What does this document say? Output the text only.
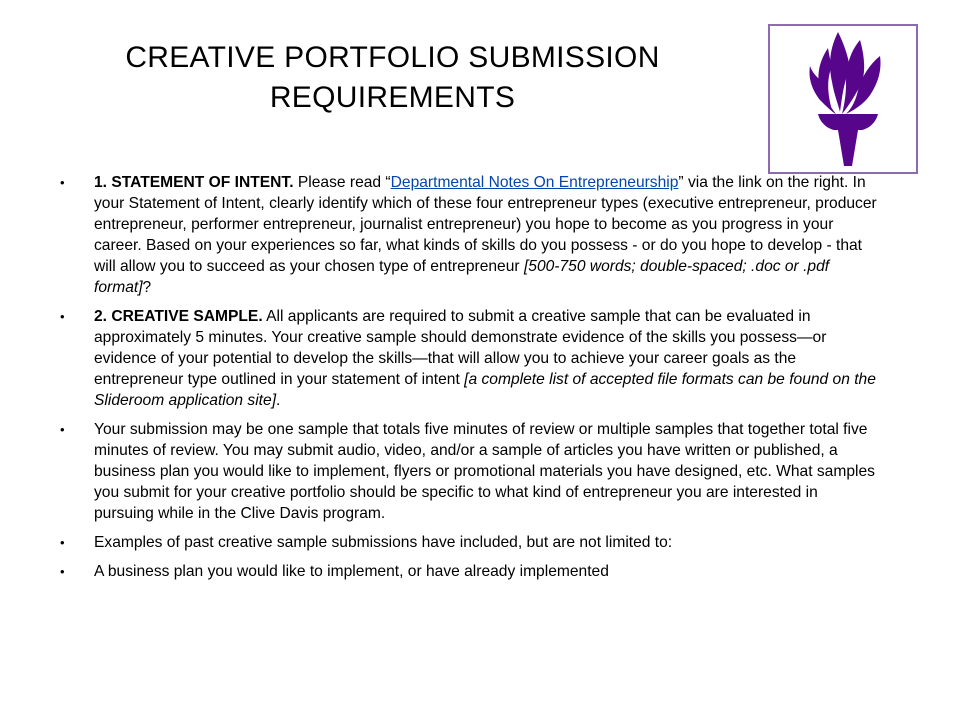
CREATIVE PORTFOLIO SUBMISSION
REQUIREMENTS
•	1. STATEMENT OF INTENT. Please read “Departmental Notes On Entrepreneurship” via the link on the right. In your Statement of Intent, clearly identify which of these four entrepreneur types (executive entrepreneur, producer entrepreneur, performer entrepreneur, journalist entrepreneur) you hope to become as you progress in your career. Based on your experiences so far, what kinds of skills do you possess - or do you hope to develop - that will allow you to succeed as your chosen type of entrepreneur [500-750 words; double-spaced; .doc or .pdf format]?
•	2. CREATIVE SAMPLE. All applicants are required to submit a creative sample that can be evaluated in approximately 5 minutes. Your creative sample should demonstrate evidence of the skills you possess—or evidence of your potential to develop the skills—that will allow you to achieve your career goals as the entrepreneur type outlined in your statement of intent [a complete list of accepted file formats can be found on the Slideroom application site].
•	Your submission may be one sample that totals five minutes of review or multiple samples that together total five minutes of review. You may submit audio, video, and/or a sample of articles you have written or published, a business plan you would like to implement, flyers or promotional materials you have designed, etc. What samples you submit for your creative portfolio should be specific to what kind of entrepreneur you are interested in pursuing while in the Clive Davis program.
•	Examples of past creative sample submissions have included, but are not limited to:
•	A business plan you would like to implement, or have already implemented
